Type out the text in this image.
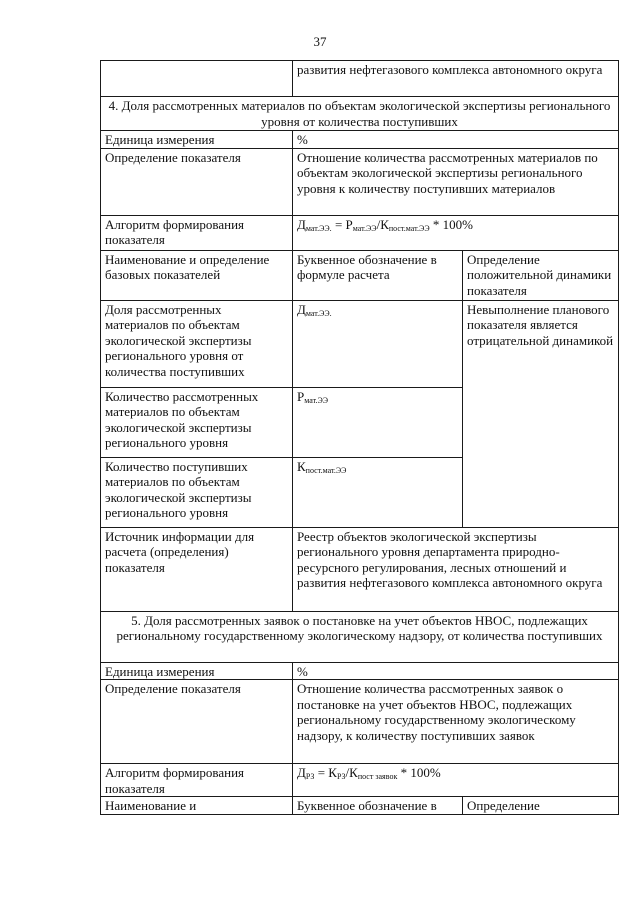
37
	развития нефтегазового комплекса автономного округа	
4. Доля рассмотренных материалов по объектам экологической экспертизы регионального уровня от количества поступивших		
Единица измерения	%	
Определение показателя	Отношение количества рассмотренных материалов по объектам экологической экспертизы регионального уровня к количеству поступивших материалов	
Алгоритм формирования показателя	$Д_{мат.ЭЭ.} = Р_{мат.ЭЭ}/К_{пост.мат.ЭЭ} * 100\%$	
Наименование и определение базовых показателей	Буквенное обозначение в формуле расчета	Определение положительной динамики показателя
Доля рассмотренных материалов по объектам экологической экспертизы регионального уровня от количества поступивших	$Д_{мат.ЭЭ.}$	Невыполнение планового показателя является отрицательной динамикой
Количество рассмотренных материалов по объектам экологической экспертизы регионального уровня	$Р_{мат.ЭЭ}$
Количество поступивших материалов по объектам экологической экспертизы регионального уровня	$К_{пост.мат.ЭЭ}$
Источник информации для расчета (определения) показателя	Реестр объектов экологической экспертизы регионального уровня департамента природно-ресурсного регулирования, лесных отношений и развития нефтегазового комплекса автономного округа	
5. Доля рассмотренных заявок о постановке на учет объектов НВОС, подлежащих региональному государственному экологическому надзору, от количества поступивших		
Единица измерения	%	
Определение показателя	Отношение количества рассмотренных заявок о постановке на учет объектов НВОС, подлежащих региональному государственному экологическому надзору, к количеству поступивших заявок	
Алгоритм формирования показателя	$Д_{РЗ} = К_{РЗ}/К_{пост заявок} * 100\%$	
Наименование и	Буквенное обозначение в	Определение
